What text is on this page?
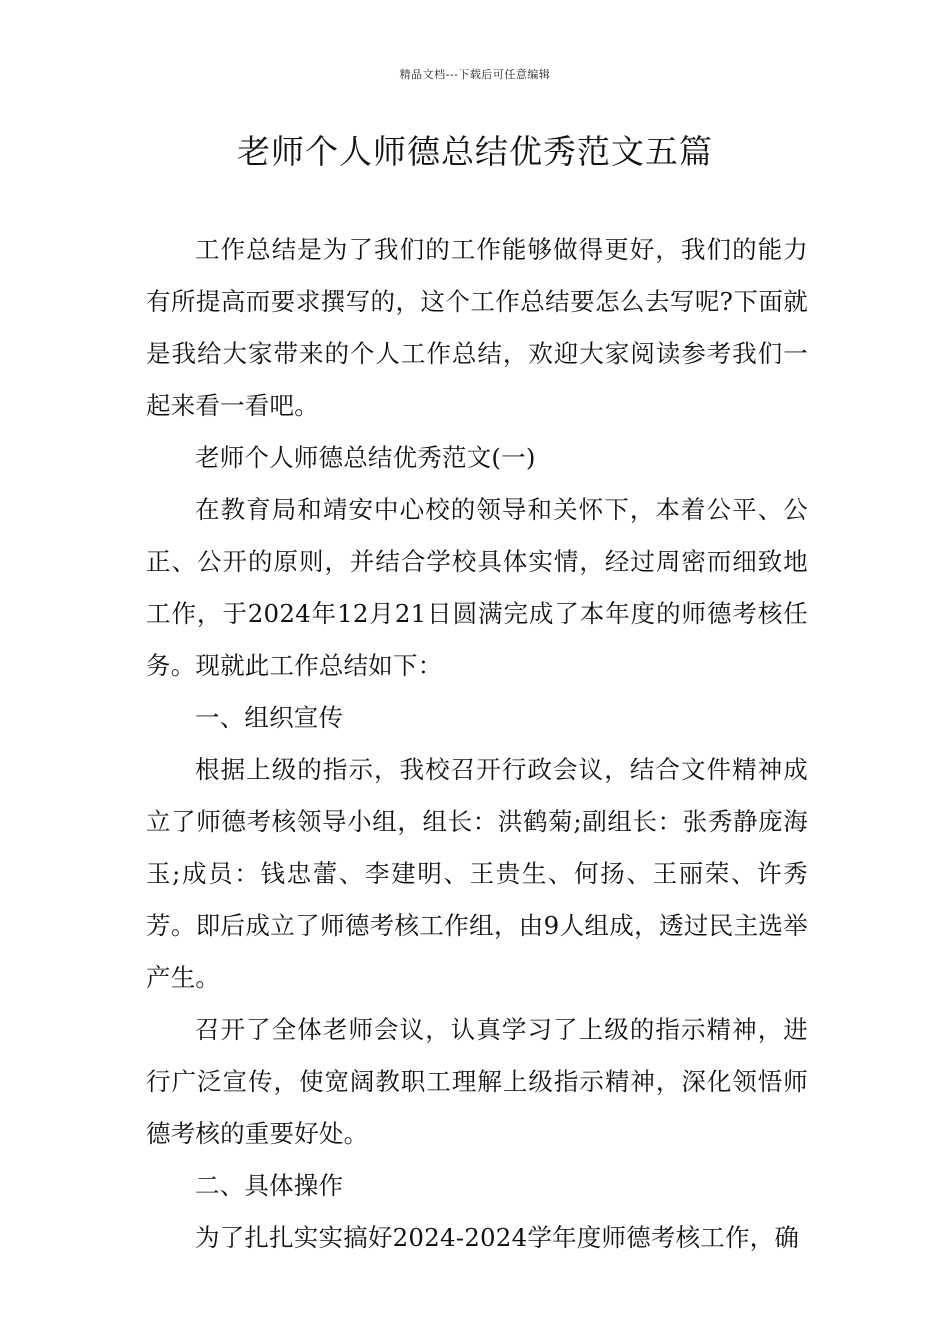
精品文档---下载后可任意编辑
老师个人师德总结优秀范文五篇

工作总结是为了我们的工作能够做得更好，我们的能力有所提高而要求撰写的，这个工作总结要怎么去写呢?下面就是我给大家带来的个人工作总结，欢迎大家阅读参考我们一起来看一看吧。

老师个人师德总结优秀范文(一)

在教育局和靖安中心校的领导和关怀下，本着公平、公正、公开的原则，并结合学校具体实情，经过周密而细致地工作，于2024年12月21日圆满完成了本年度的师德考核任务。现就此工作总结如下：

一、组织宣传

根据上级的指示，我校召开行政会议，结合文件精神成立了师德考核领导小组，组长：洪鹤菊;副组长：张秀静庞海玉;成员：钱忠蕾、李建明、王贵生、何扬、王丽荣、许秀芳。即后成立了师德考核工作组，由9人组成，透过民主选举产生。

召开了全体老师会议，认真学习了上级的指示精神，进行广泛宣传，使宽阔教职工理解上级指示精神，深化领悟师德考核的重要好处。

二、具体操作

为了扎扎实实搞好2024-2024学年度师德考核工作，确
